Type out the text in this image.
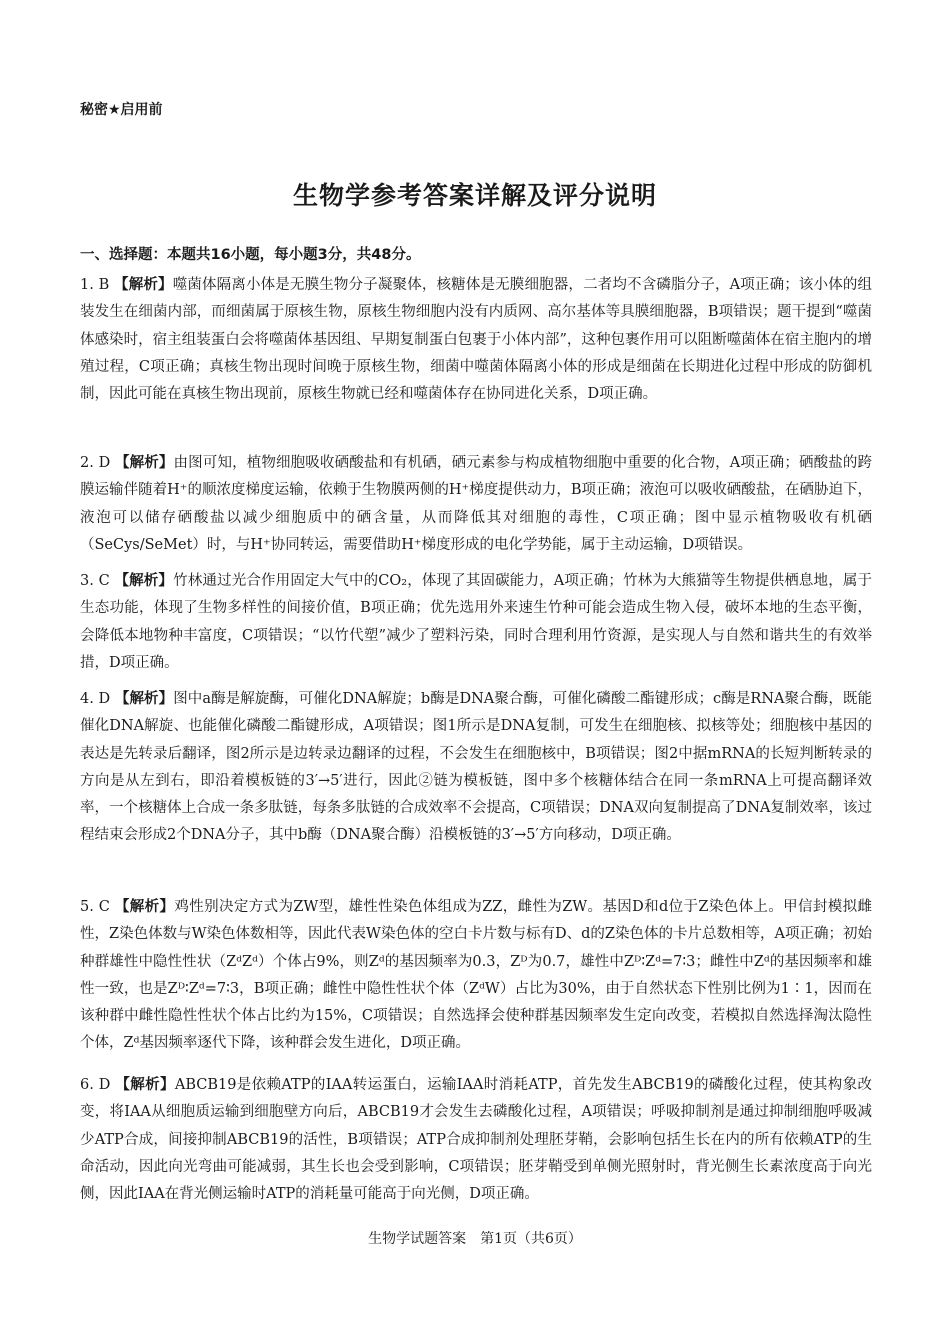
秘密★启用前
生物学参考答案详解及评分说明
一、选择题：本题共16小题，每小题3分，共48分。
1. B 【解析】噬菌体隔离小体是无膜生物分子凝聚体，核糖体是无膜细胞器，二者均不含磷脂分子，A项正确；该小体的组装发生在细菌内部，而细菌属于原核生物，原核生物细胞内没有内质网、高尔基体等具膜细胞器，B项错误；题干提到“噬菌体感染时，宿主组装蛋白会将噬菌体基因组、早期复制蛋白包裹于小体内部”，这种包裹作用可以阻断噬菌体在宿主胞内的增殖过程，C项正确；真核生物出现时间晚于原核生物，细菌中噬菌体隔离小体的形成是细菌在长期进化过程中形成的防御机制，因此可能在真核生物出现前，原核生物就已经和噬菌体存在协同进化关系，D项正确。
2. D 【解析】由图可知，植物细胞吸收硒酸盐和有机硒，硒元素参与构成植物细胞中重要的化合物，A项正确；硒酸盐的跨膜运输伴随着H⁺的顺浓度梯度运输，依赖于生物膜两侧的H⁺梯度提供动力，B项正确；液泡可以吸收硒酸盐，在硒胁迫下，液泡可以储存硒酸盐以减少细胞质中的硒含量，从而降低其对细胞的毒性，C项正确；图中显示植物吸收有机硒（SeCys/SeMet）时，与H⁺协同转运，需要借助H⁺梯度形成的电化学势能，属于主动运输，D项错误。
3. C 【解析】竹林通过光合作用固定大气中的CO₂，体现了其固碳能力，A项正确；竹林为大熊猫等生物提供栖息地，属于生态功能，体现了生物多样性的间接价值，B项正确；优先选用外来速生竹种可能会造成生物入侵，破坏本地的生态平衡，会降低本地物种丰富度，C项错误；“以竹代塑”减少了塑料污染，同时合理利用竹资源，是实现人与自然和谐共生的有效举措，D项正确。
4. D 【解析】图中a酶是解旋酶，可催化DNA解旋；b酶是DNA聚合酶，可催化磷酸二酯键形成；c酶是RNA聚合酶，既能催化DNA解旋、也能催化磷酸二酯键形成，A项错误；图1所示是DNA复制，可发生在细胞核、拟核等处；细胞核中基因的表达是先转录后翻译，图2所示是边转录边翻译的过程，不会发生在细胞核中，B项错误；图2中据mRNA的长短判断转录的方向是从左到右，即沿着模板链的3′→5′进行，因此②链为模板链，图中多个核糖体结合在同一条mRNA上可提高翻译效率，一个核糖体上合成一条多肽链，每条多肽链的合成效率不会提高，C项错误；DNA双向复制提高了DNA复制效率，该过程结束会形成2个DNA分子，其中b酶（DNA聚合酶）沿模板链的3′→5′方向移动，D项正确。
5. C 【解析】鸡性别决定方式为ZW型，雄性性染色体组成为ZZ，雌性为ZW。基因D和d位于Z染色体上。甲信封模拟雌性，Z染色体数与W染色体数相等，因此代表W染色体的空白卡片数与标有D、d的Z染色体的卡片总数相等，A项正确；初始种群雄性中隐性性状（ZᵈZᵈ）个体占9%，则Zᵈ的基因频率为0.3，Zᴰ为0.7，雄性中Zᴰ∶Zᵈ=7∶3；雌性中Zᵈ的基因频率和雄性一致，也是Zᴰ∶Zᵈ=7∶3，B项正确；雌性中隐性性状个体（ZᵈW）占比为30%，由于自然状态下性别比例为1∶1，因而在该种群中雌性隐性性状个体占比约为15%，C项错误；自然选择会使种群基因频率发生定向改变，若模拟自然选择淘汰隐性个体，Zᵈ基因频率逐代下降，该种群会发生进化，D项正确。
6. D 【解析】ABCB19是依赖ATP的IAA转运蛋白，运输IAA时消耗ATP，首先发生ABCB19的磷酸化过程，使其构象改变，将IAA从细胞质运输到细胞壁方向后，ABCB19才会发生去磷酸化过程，A项错误；呼吸抑制剂是通过抑制细胞呼吸减少ATP合成，间接抑制ABCB19的活性，B项错误；ATP合成抑制剂处理胚芽鞘，会影响包括生长在内的所有依赖ATP的生命活动，因此向光弯曲可能减弱，其生长也会受到影响，C项错误；胚芽鞘受到单侧光照射时，背光侧生长素浓度高于向光侧，因此IAA在背光侧运输时ATP的消耗量可能高于向光侧，D项正确。
生物学试题答案　第1页（共6页）
